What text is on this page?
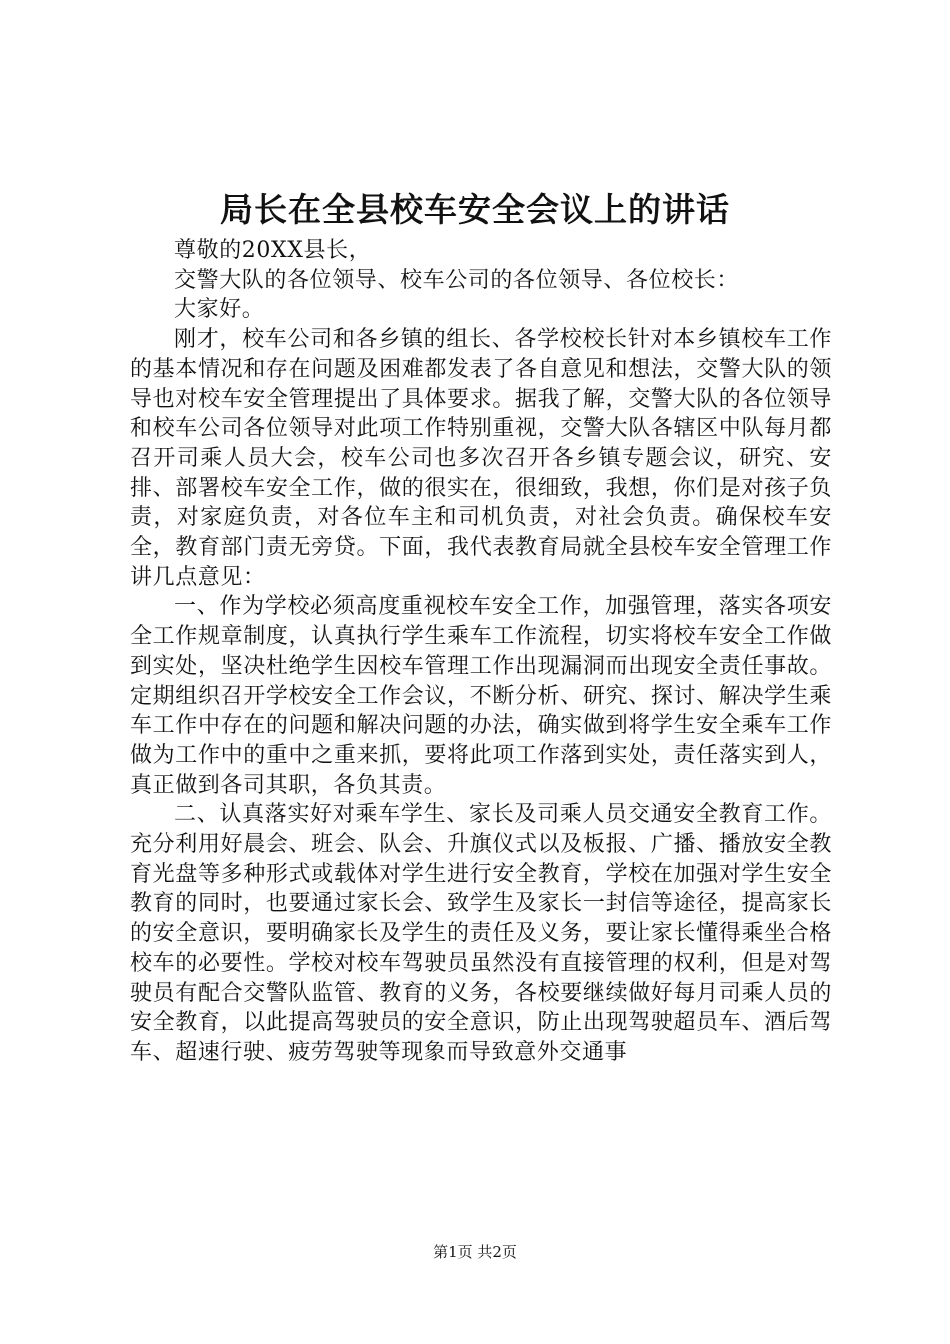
局长在全县校车安全会议上的讲话

尊敬的20XX县长，

交警大队的各位领导、校车公司的各位领导、各位校长：

大家好。

刚才，校车公司和各乡镇的组长、各学校校长针对本乡镇校车工作的基本情况和存在问题及困难都发表了各自意见和想法，交警大队的领导也对校车安全管理提出了具体要求。据我了解，交警大队的各位领导和校车公司各位领导对此项工作特别重视，交警大队各辖区中队每月都召开司乘人员大会，校车公司也多次召开各乡镇专题会议，研究、安排、部署校车安全工作，做的很实在，很细致，我想，你们是对孩子负责，对家庭负责，对各位车主和司机负责，对社会负责。确保校车安全，教育部门责无旁贷。下面，我代表教育局就全县校车安全管理工作讲几点意见：

一、作为学校必须高度重视校车安全工作，加强管理，落实各项安全工作规章制度，认真执行学生乘车工作流程，切实将校车安全工作做到实处，坚决杜绝学生因校车管理工作出现漏洞而出现安全责任事故。定期组织召开学校安全工作会议，不断分析、研究、探讨、解决学生乘车工作中存在的问题和解决问题的办法，确实做到将学生安全乘车工作做为工作中的重中之重来抓，要将此项工作落到实处，责任落实到人，真正做到各司其职，各负其责。

二、认真落实好对乘车学生、家长及司乘人员交通安全教育工作。充分利用好晨会、班会、队会、升旗仪式以及板报、广播、播放安全教育光盘等多种形式或载体对学生进行安全教育，学校在加强对学生安全教育的同时，也要通过家长会、致学生及家长一封信等途径，提高家长的安全意识，要明确家长及学生的责任及义务，要让家长懂得乘坐合格校车的必要性。学校对校车驾驶员虽然没有直接管理的权利，但是对驾驶员有配合交警队监管、教育的义务，各校要继续做好每月司乘人员的安全教育，以此提高驾驶员的安全意识，防止出现驾驶超员车、酒后驾车、超速行驶、疲劳驾驶等现象而导致意外交通事

第1页 共2页
